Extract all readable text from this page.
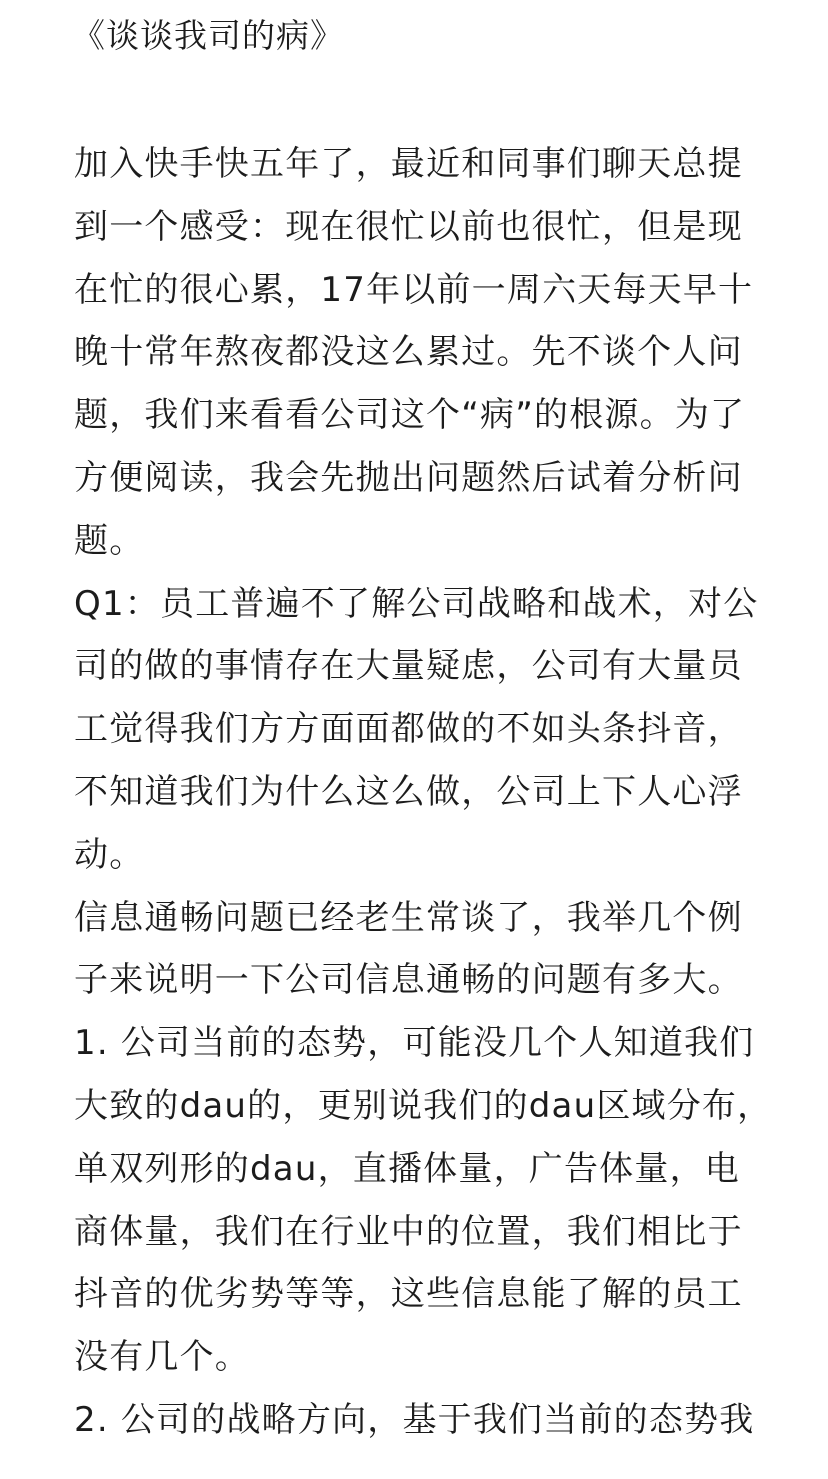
《谈谈我司的病》
加入快手快五年了，最近和同事们聊天总提
到一个感受：现在很忙以前也很忙，但是现
在忙的很心累，17年以前一周六天每天早十
晚十常年熬夜都没这么累过。先不谈个人问
题，我们来看看公司这个“病”的根源。为了
方便阅读，我会先抛出问题然后试着分析问
题。
Q1：员工普遍不了解公司战略和战术，对公
司的做的事情存在大量疑虑，公司有大量员
工觉得我们方方面面都做的不如头条抖音，
不知道我们为什么这么做，公司上下人心浮
动。
信息通畅问题已经老生常谈了，我举几个例
子来说明一下公司信息通畅的问题有多大。
1. 公司当前的态势，可能没几个人知道我们
大致的dau的，更别说我们的dau区域分布，
单双列形的dau，直播体量，广告体量，电
商体量，我们在行业中的位置，我们相比于
抖音的优劣势等等，这些信息能了解的员工
没有几个。
2. 公司的战略方向，基于我们当前的态势我
